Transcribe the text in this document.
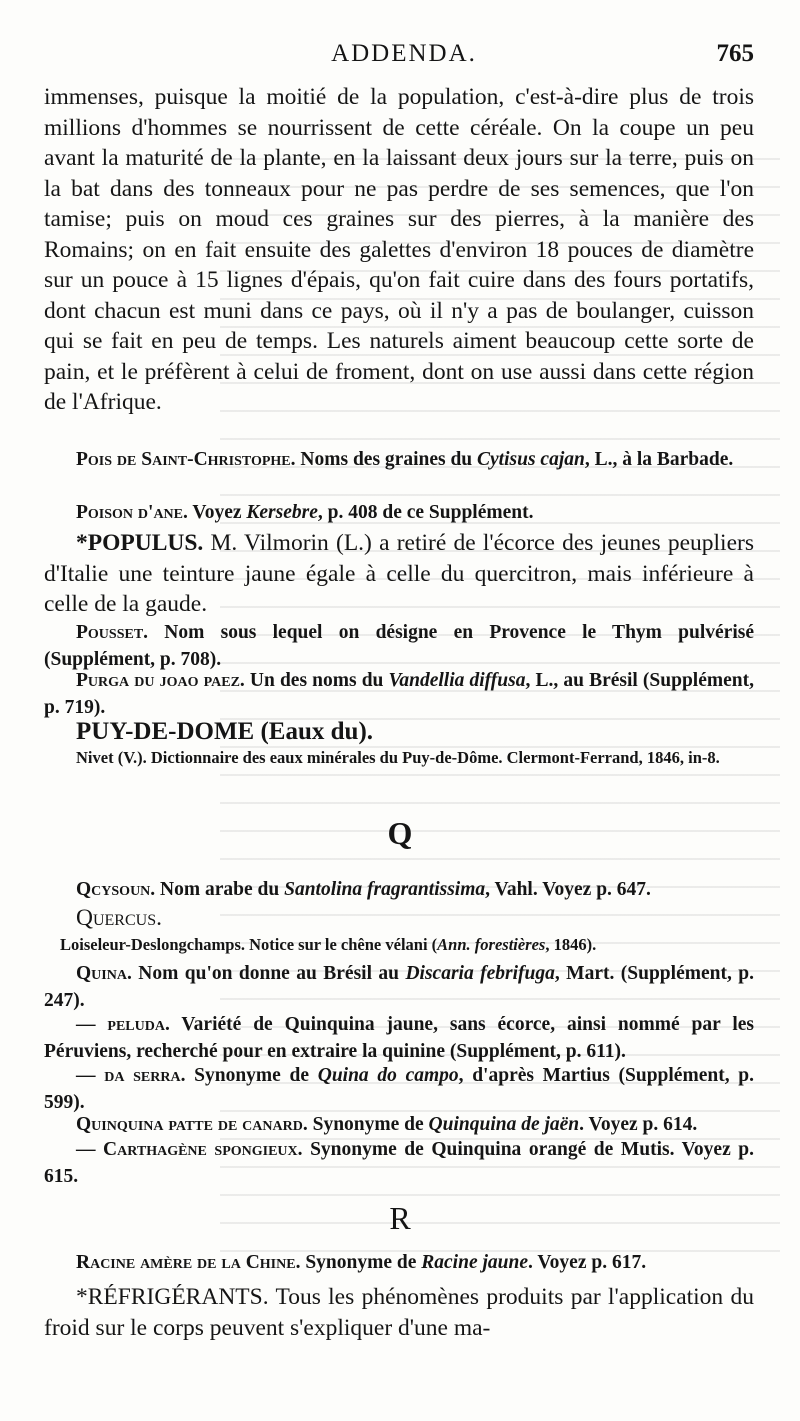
ADDENDA.	765
immenses, puisque la moitié de la population, c'est-à-dire plus de trois millions d'hommes se nourrissent de cette céréale. On la coupe un peu avant la maturité de la plante, en la laissant deux jours sur la terre, puis on la bat dans des tonneaux pour ne pas perdre de ses semences, que l'on tamise; puis on moud ces graines sur des pierres, à la manière des Romains; on en fait ensuite des galettes d'environ 18 pouces de diamètre sur un pouce à 15 lignes d'épais, qu'on fait cuire dans des fours portatifs, dont chacun est muni dans ce pays, où il n'y a pas de boulanger, cuisson qui se fait en peu de temps. Les naturels aiment beaucoup cette sorte de pain, et le préfèrent à celui de froment, dont on use aussi dans cette région de l'Afrique.
Pois de Saint-Christophe. Noms des graines du Cytisus cajan, L., à la Barbade.
Poison d'ane. Voyez Kersebre, p. 408 de ce Supplément.
*POPULUS. M. Vilmorin (L.) a retiré de l'écorce des jeunes peupliers d'Italie une teinture jaune égale à celle du quercitron, mais inférieure à celle de la gaude.
Pousset. Nom sous lequel on désigne en Provence le Thym pulvérisé (Supplément, p. 708).
Purga du joao paez. Un des noms du Vandellia diffusa, L., au Brésil (Supplément, p. 719).
PUY-DE-DOME (Eaux du).
Nivet (V.). Dictionnaire des eaux minérales du Puy-de-Dôme. Clermont-Ferrand, 1846, in-8.
Q
Qcysoun. Nom arabe du Santolina fragrantissima, Vahl. Voyez p. 647.
Quercus.
Loiseleur-Deslongchamps. Notice sur le chêne vélani (Ann. forestières, 1846).
Quina. Nom qu'on donne au Brésil au Discaria febrifuga, Mart. (Supplément, p. 247).
— peluda. Variété de Quinquina jaune, sans écorce, ainsi nommé par les Péruviens, recherché pour en extraire la quinine (Supplément, p. 611).
— da serra. Synonyme de Quina do campo, d'après Martius (Supplément, p. 599).
Quinquina patte de canard. Synonyme de Quinquina de jaën. Voyez p. 614.
— Carthagène spongieux. Synonyme de Quinquina orangé de Mutis. Voyez p. 615.
R
Racine amère de la Chine. Synonyme de Racine jaune. Voyez p. 617.
*RÉFRIGÉRANTS. Tous les phénomènes produits par l'application du froid sur le corps peuvent s'expliquer d'une ma-
